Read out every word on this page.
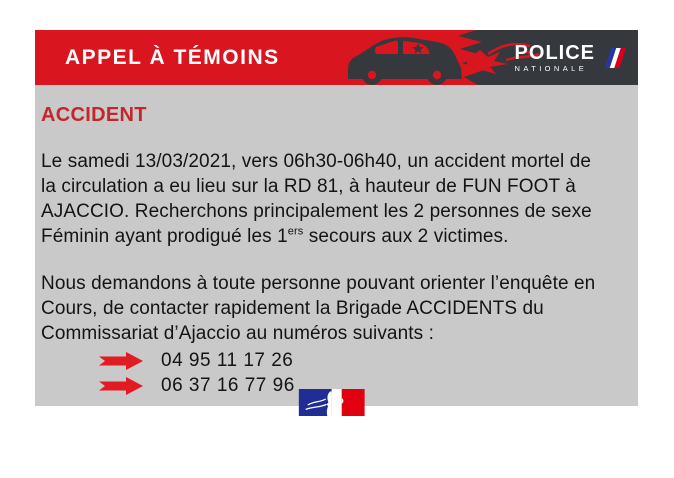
APPEL À TÉMOINS	POLICE
NATIONALE
ACCIDENT
Le samedi 13/03/2021, vers 06h30-06h40, un accident mortel de
la circulation a eu lieu sur la RD 81, à hauteur de FUN FOOT à
AJACCIO. Recherchons principalement les 2 personnes de sexe
Féminin ayant prodigué les 1ers secours aux 2 victimes.
Nous demandons à toute personne pouvant orienter l’enquête en
Cours, de contacter rapidement la Brigade ACCIDENTS du
Commissariat d’Ajaccio au numéros suivants :
04 95 11 17 26
06 37 16 77 96
